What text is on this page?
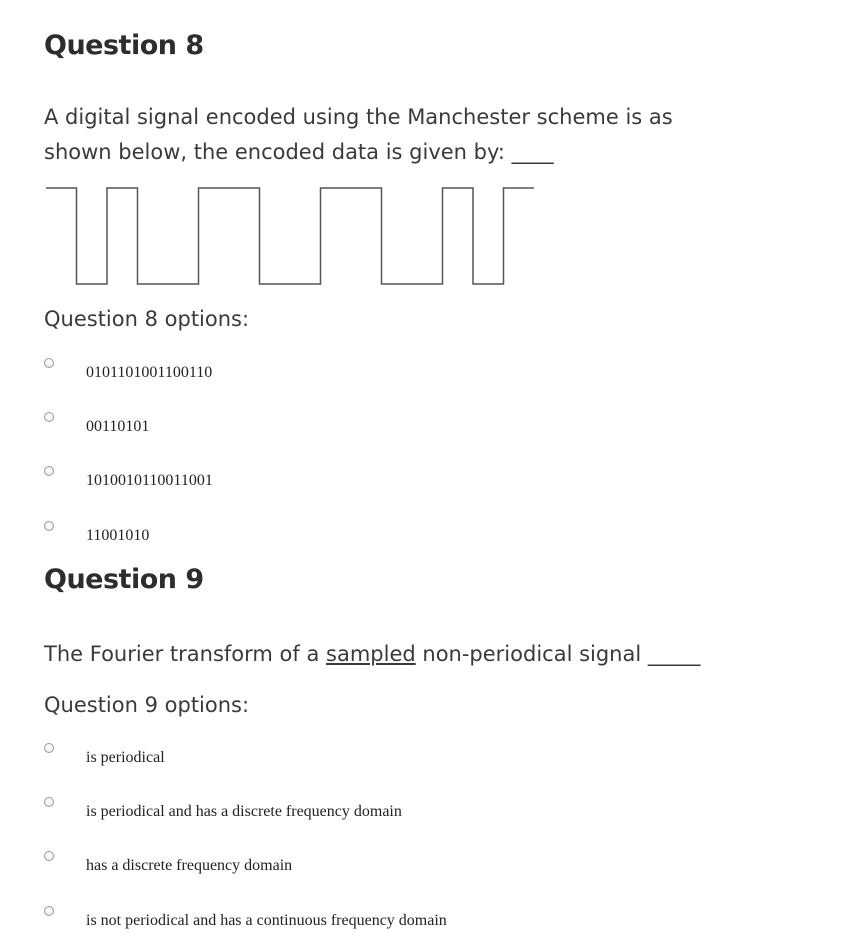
Question 8

A digital signal encoded using the Manchester scheme is as
shown below, the encoded data is given by: ____

Question 8 options:
0101101001100110
00110101
1010010110011001
11001010
Question 9

The Fourier transform of a sampled non-periodical signal _____

Question 9 options:
is periodical
is periodical and has a discrete frequency domain
has a discrete frequency domain
is not periodical and has a continuous frequency domain
